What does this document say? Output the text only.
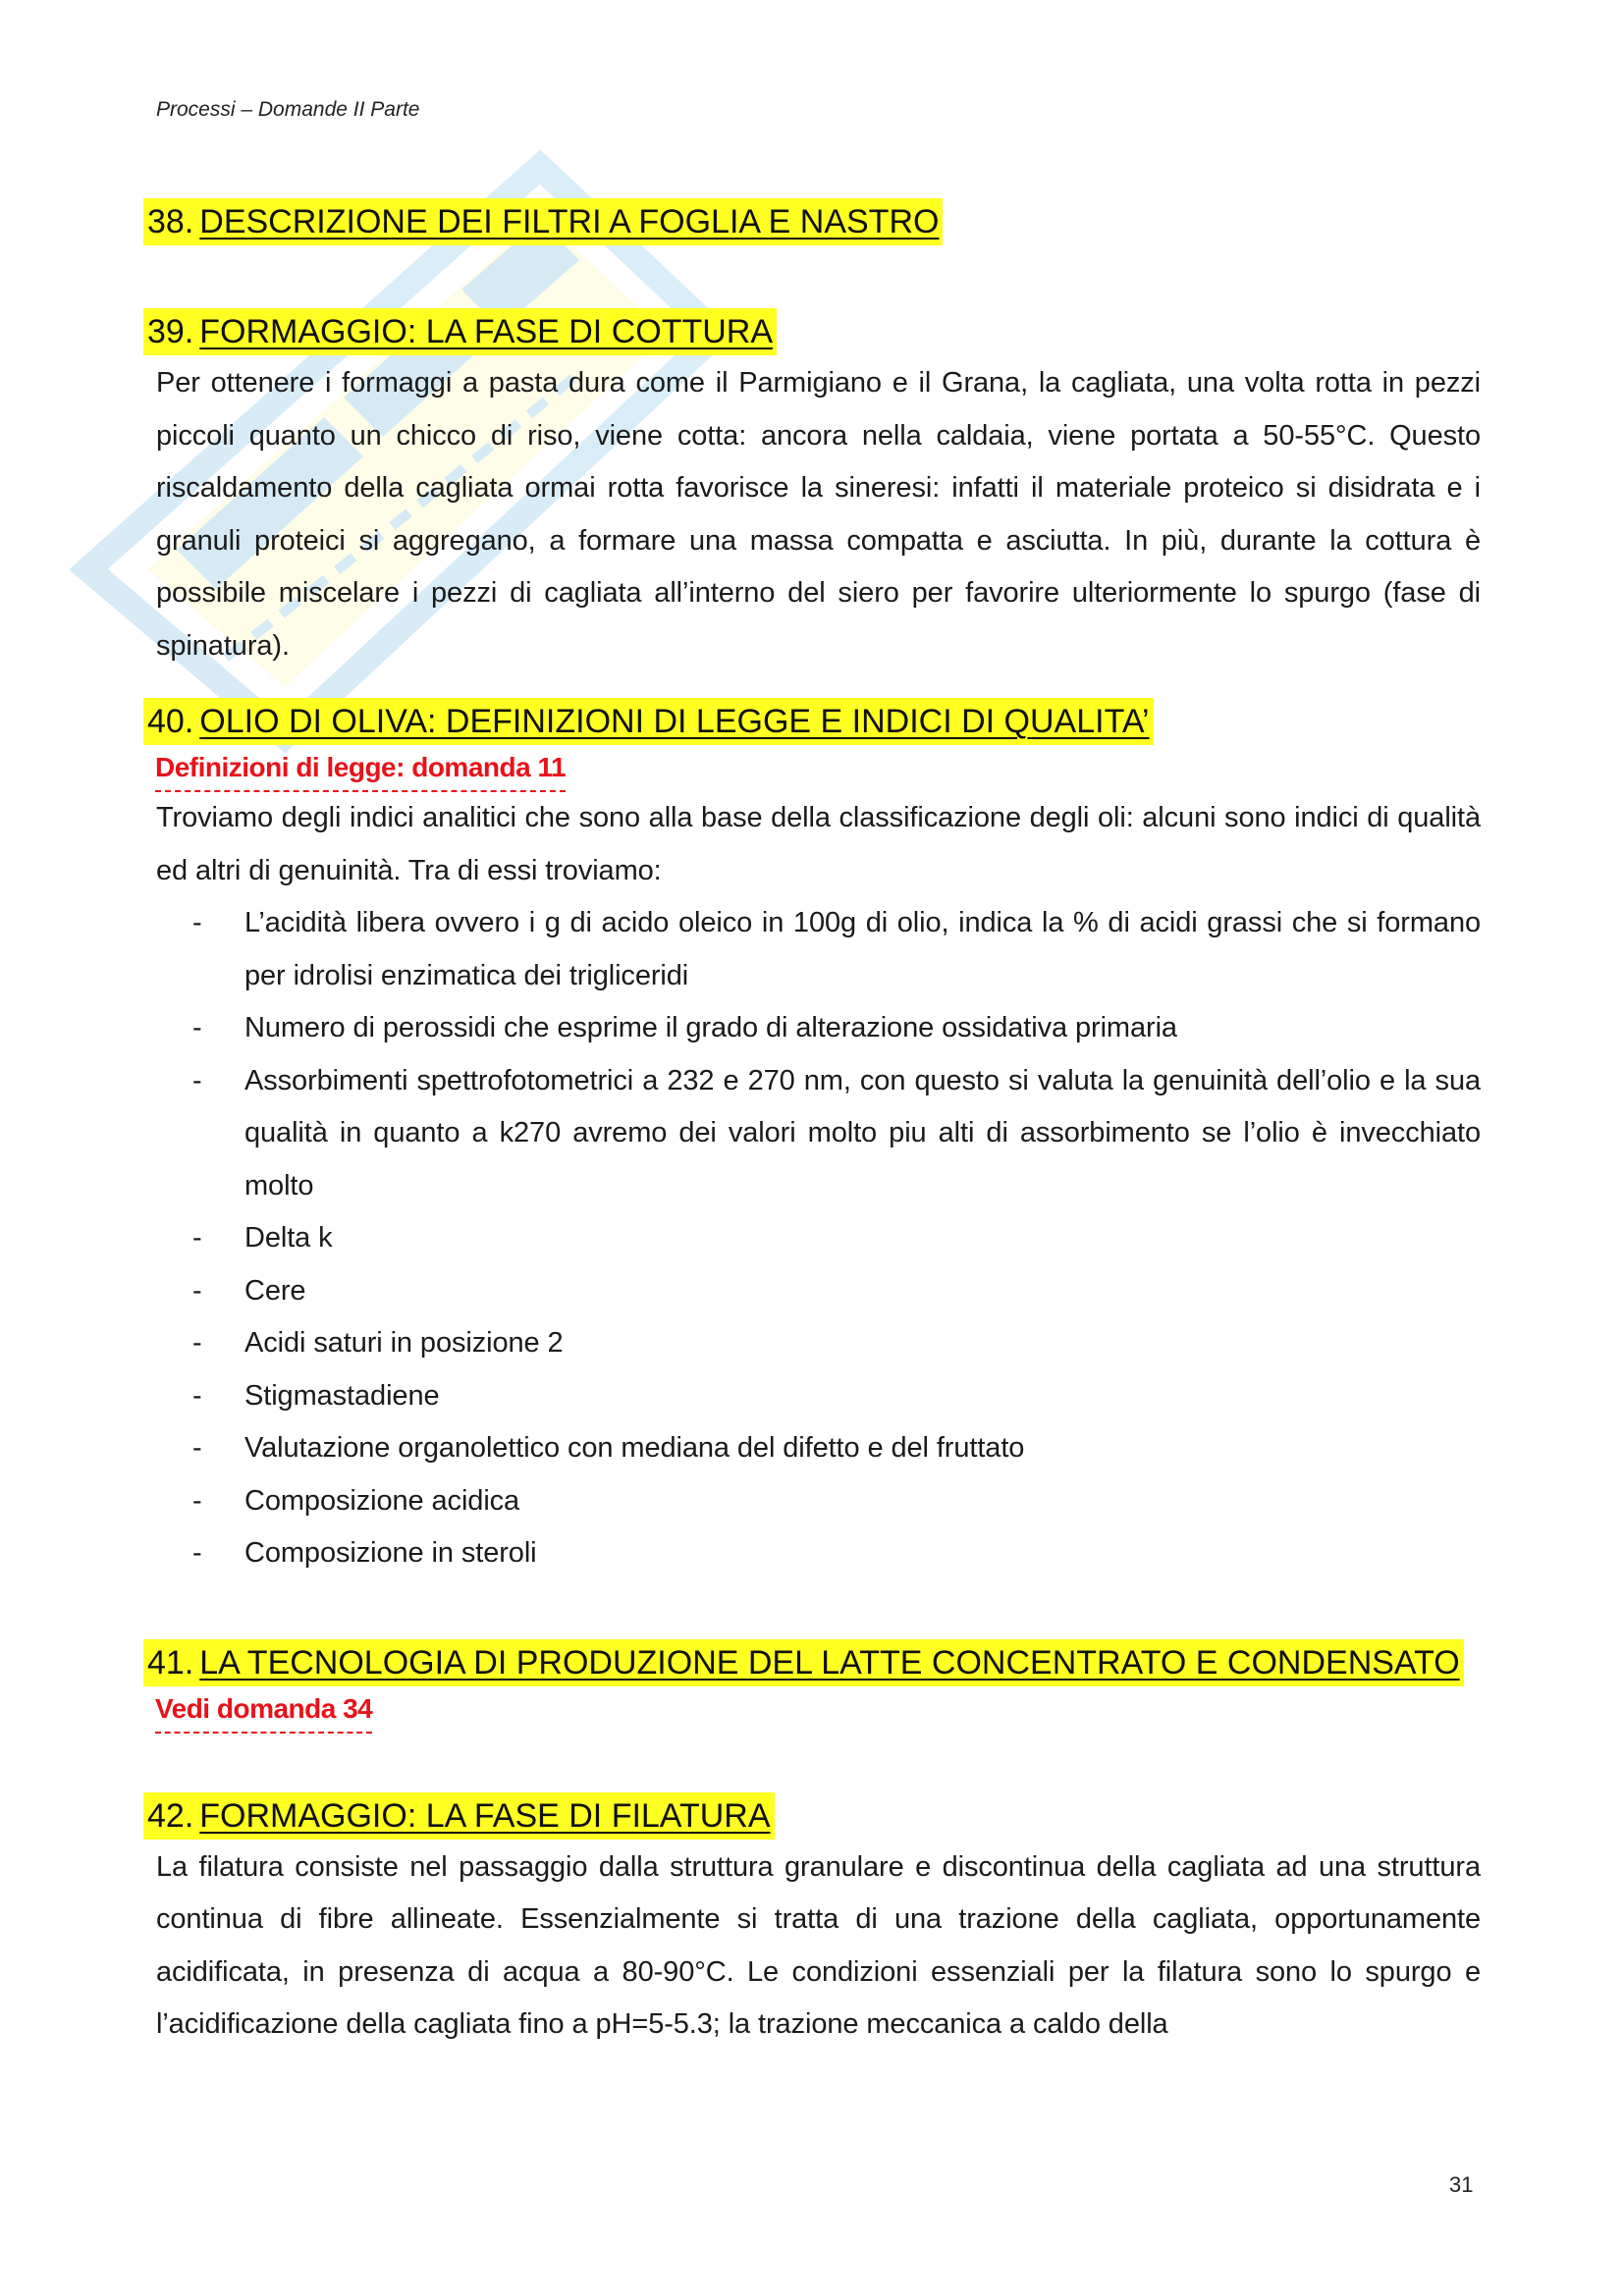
Processi – Domande II Parte
38. DESCRIZIONE DEI FILTRI A FOGLIA E NASTRO
39. FORMAGGIO: LA FASE DI COTTURA

Per ottenere i formaggi a pasta dura come il Parmigiano e il Grana, la cagliata, una volta rotta in pezzi piccoli quanto un chicco di riso, viene cotta: ancora nella caldaia, viene portata a 50-55°C. Questo riscaldamento della cagliata ormai rotta favorisce la sineresi: infatti il materiale proteico si disidrata e i granuli proteici si aggregano, a formare una massa compatta e asciutta. In più, durante la cottura è possibile miscelare i pezzi di cagliata all’interno del siero per favorire ulteriormente lo spurgo (fase di spinatura).

40. OLIO DI OLIVA: DEFINIZIONI DI LEGGE E INDICI DI QUALITA’
Definizioni di legge: domanda 11

Troviamo degli indici analitici che sono alla base della classificazione degli oli: alcuni sono indici di qualità ed altri di genuinità. Tra di essi troviamo:

- L’acidità libera ovvero i g di acido oleico in 100g di olio, indica la % di acidi grassi che si formano per idrolisi enzimatica dei trigliceridi
- Numero di perossidi che esprime il grado di alterazione ossidativa primaria
- Assorbimenti spettrofotometrici a 232 e 270 nm, con questo si valuta la genuinità dell’olio e la sua qualità in quanto a k270 avremo dei valori molto piu alti di assorbimento se l’olio è invecchiato molto
- Delta k
- Cere
- Acidi saturi in posizione 2
- Stigmastadiene
- Valutazione organolettico con mediana del difetto e del fruttato
- Composizione acidica
- Composizione in steroli
41. LA TECNOLOGIA DI PRODUZIONE DEL LATTE CONCENTRATO E CONDENSATO
Vedi domanda 34
42. FORMAGGIO: LA FASE DI FILATURA

La filatura consiste nel passaggio dalla struttura granulare e discontinua della cagliata ad una struttura continua di fibre allineate. Essenzialmente si tratta di una trazione della cagliata, opportunamente acidificata, in presenza di acqua a 80-90°C. Le condizioni essenziali per la filatura sono lo spurgo e l’acidificazione della cagliata fino a pH=5-5.3; la trazione meccanica a caldo della

31
